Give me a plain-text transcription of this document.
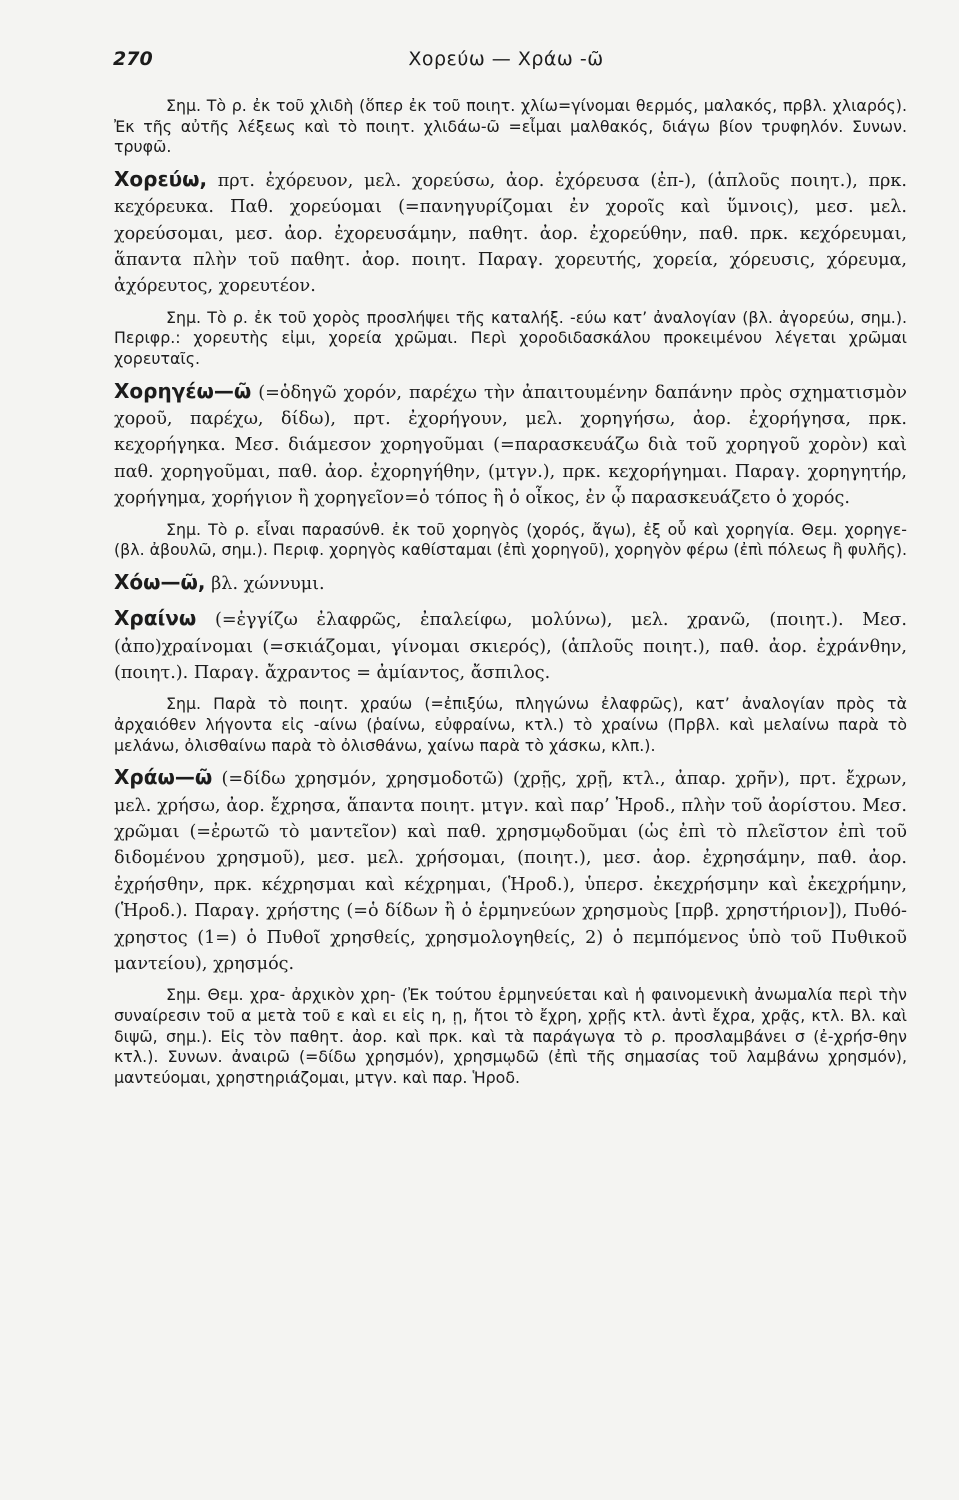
270	Χορεύω — Χράω -ῶ

Σημ. Τὸ ρ. ἐκ τοῦ χλιδὴ (ὅπερ ἐκ τοῦ ποιητ. χλίω=γίνομαι θερμός, μαλακός, πρβλ. χλιαρός). Ἐκ τῆς αὐτῆς λέξεως καὶ τὸ ποιητ. χλιδάω-ῶ =εἶμαι μαλθακός, διάγω βίον τρυφηλόν. Συνων. τρυφῶ.

Χορεύω, πρτ. ἐχόρευον, μελ. χορεύσω, ἀορ. ἐχόρευσα (ἐπ-), (ἁπλοῦς ποιητ.), πρκ. κεχόρευκα. Παθ. χορεύομαι (=πανηγυρίζομαι ἐν χοροῖς καὶ ὕμνοις), μεσ. μελ. χορεύσομαι, μεσ. ἀορ. ἐχορευσάμην, παθητ. ἀορ. ἐχορεύθην, παθ. πρκ. κεχόρευμαι, ἅπαντα πλὴν τοῦ παθητ. ἀορ. ποιητ. Παραγ. χορευτής, χορεία, χόρευσις, χόρευμα, ἀχόρευτος, χορευτέον.

Σημ. Τὸ ρ. ἐκ τοῦ χορὸς προσλήψει τῆς καταλήξ. -εύω κατ’ ἀναλογίαν (βλ. ἀγορεύω, σημ.). Περιφρ.: χορευτὴς εἰμι, χορεία χρῶμαι. Περὶ χοροδιδασκάλου προκειμένου λέγεται χρῶμαι χορευταῖς.

Χορηγέω—ῶ (=ὁδηγῶ χορόν, παρέχω τὴν ἀπαιτουμένην δαπάνην πρὸς σχηματισμὸν χοροῦ, παρέχω, δίδω), πρτ. ἐχορήγουν, μελ. χορηγήσω, ἀορ. ἐχορήγησα, πρκ. κεχορήγηκα. Μεσ. διάμεσον χορηγοῦμαι (=παρασκευάζω διὰ τοῦ χορηγοῦ χορὸν) καὶ παθ. χορηγοῦμαι, παθ. ἀορ. ἐχορηγήθην, (μτγν.), πρκ. κεχορήγημαι. Παραγ. χορηγητήρ, χορήγημα, χορήγιον ἢ χορηγεῖον=ὁ τόπος ἢ ὁ οἶκος, ἐν ᾧ παρασκευάζετο ὁ χορός.

Σημ. Τὸ ρ. εἶναι παρασύνθ. ἐκ τοῦ χορηγὸς (χορός, ἄγω), ἐξ οὗ καὶ χορηγία. Θεμ. χορηγε- (βλ. ἀβουλῶ, σημ.). Περιφ. χορηγὸς καθίσταμαι (ἐπὶ χορηγοῦ), χορηγὸν φέρω (ἐπὶ πόλεως ἢ φυλῆς).

Χόω—ῶ, βλ. χώννυμι.

Χραίνω (=ἐγγίζω ἐλαφρῶς, ἐπαλείφω, μολύνω), μελ. χρανῶ, (ποιητ.). Μεσ. (ἀπο)χραίνομαι (=σκιάζομαι, γίνομαι σκιερός), (ἁπλοῦς ποιητ.), παθ. ἀορ. ἐχράνθην, (ποιητ.). Παραγ. ἄχραντος = ἀμίαντος, ἄσπιλος.

Σημ. Παρὰ τὸ ποιητ. χραύω (=ἐπιξύω, πληγώνω ἐλαφρῶς), κατ’ ἀναλογίαν πρὸς τὰ ἀρχαιόθεν λήγοντα εἰς -αίνω (ῥαίνω, εὐφραίνω, κτλ.) τὸ χραίνω (Πρβλ. καὶ μελαίνω παρὰ τὸ μελάνω, ὀλισθαίνω παρὰ τὸ ὀλισθάνω, χαίνω παρὰ τὸ χάσκω, κλπ.).

Χράω—ῶ (=δίδω χρησμόν, χρησμοδοτῶ) (χρῇς, χρῇ, κτλ., ἀπαρ. χρῆν), πρτ. ἔχρων, μελ. χρήσω, ἀορ. ἔχρησα, ἅπαντα ποιητ. μτγν. καὶ παρ’ Ἡροδ., πλὴν τοῦ ἀορίστου. Μεσ. χρῶμαι (=ἐρωτῶ τὸ μαντεῖον) καὶ παθ. χρησμῳδοῦμαι (ὡς ἐπὶ τὸ πλεῖστον ἐπὶ τοῦ διδομένου χρησμοῦ), μεσ. μελ. χρήσομαι, (ποιητ.), μεσ. ἀορ. ἐχρησάμην, παθ. ἀορ. ἐχρήσθην, πρκ. κέχρησμαι καὶ κέχρημαι, (Ἡροδ.), ὑπερσ. ἐκεχρήσμην καὶ ἐκεχρήμην, (Ἡροδ.). Παραγ. χρήστης (=ὁ δίδων ἢ ὁ ἑρμηνεύων χρησμοὺς [πρβ. χρηστήριον]), Πυθό-χρηστος (1=) ὁ Πυθοῖ χρησθείς, χρησμολογηθείς, 2) ὁ πεμπόμενος ὑπὸ τοῦ Πυθικοῦ μαντείου), χρησμός.

Σημ. Θεμ. χρα- ἀρχικὸν χρη- (Ἐκ τούτου ἑρμηνεύεται καὶ ἡ φαινομενικὴ ἀνωμαλία περὶ τὴν συναίρεσιν τοῦ α μετὰ τοῦ ε καὶ ει εἰς η, ῃ, ἤτοι τὸ ἔχρη, χρῇς κτλ. ἀντὶ ἔχρα, χρᾷς, κτλ. Βλ. καὶ διψῶ, σημ.). Εἰς τὸν παθητ. ἀορ. καὶ πρκ. καὶ τὰ παράγωγα τὸ ρ. προσλαμβάνει σ (ἐ-χρήσ-θην κτλ.). Συνων. ἀναιρῶ (=δίδω χρησμόν), χρησμῳδῶ (ἐπὶ τῆς σημασίας τοῦ λαμβάνω χρησμόν), μαντεύομαι, χρηστηριάζομαι, μτγν. καὶ παρ. Ἡροδ.
